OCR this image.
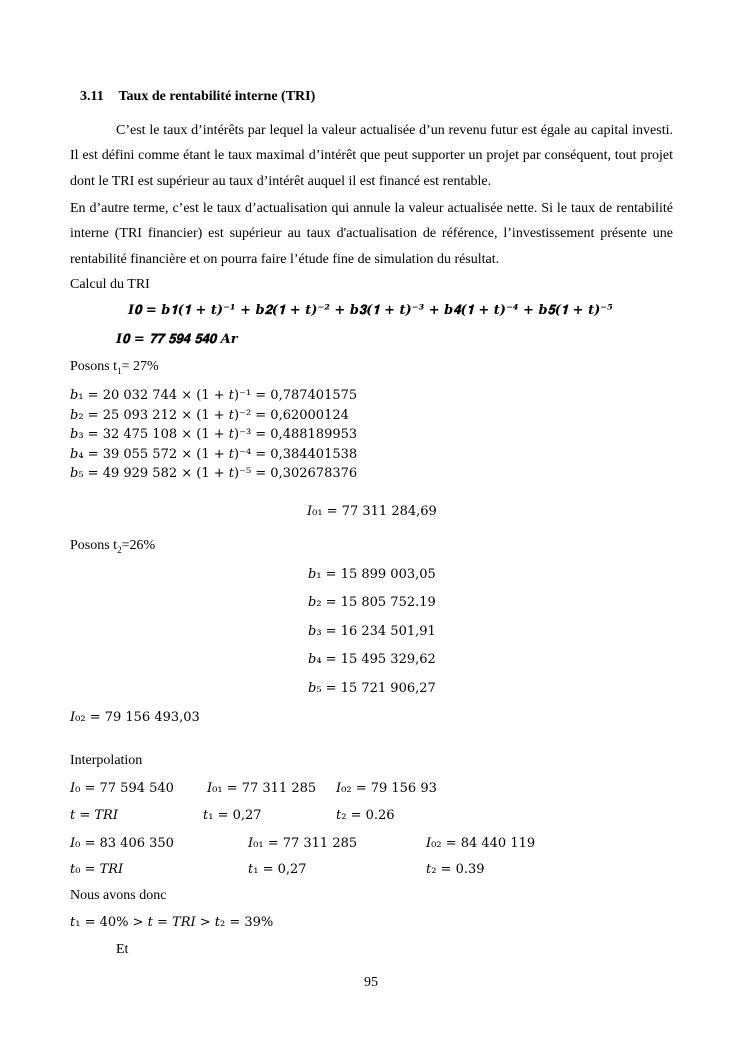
3.11 Taux de rentabilité interne (TRI)
C’est le taux d’intérêts par lequel la valeur actualisée d’un revenu futur est égale au capital investi. Il est défini comme étant le taux maximal d’intérêt que peut supporter un projet par conséquent, tout projet dont le TRI est supérieur au taux d’intérêt auquel il est financé est rentable.
En d’autre terme, c’est le taux d’actualisation qui annule la valeur actualisée nette. Si le taux de rentabilité interne (TRI financier) est supérieur au taux d'actualisation de référence, l’investissement présente une rentabilité financière et on pourra faire l’étude fine de simulation du résultat.
Calcul du TRI
𝑰𝟎 = 𝒃𝟏(𝟏 + 𝒕)⁻¹ + 𝒃𝟐(𝟏 + 𝒕)⁻² + 𝒃𝟑(𝟏 + 𝒕)⁻³ + 𝒃𝟒(𝟏 + 𝒕)⁻⁴ + 𝒃𝟓(𝟏 + 𝒕)⁻⁵
𝑰𝟎 = 𝟕𝟕 𝟓𝟗𝟒 𝟓𝟒𝟎 𝑨𝒓
Posons $t_1= 27\%$
𝑏₁ = 20 032 744 × (1 + 𝑡)⁻¹ = 0,787401575
𝑏₂ = 25 093 212 × (1 + 𝑡)⁻² = 0,62000124
𝑏₃ = 32 475 108 × (1 + 𝑡)⁻³ = 0,488189953
𝑏₄ = 39 055 572 × (1 + 𝑡)⁻⁴ = 0,384401538
𝑏₅ = 49 929 582 × (1 + 𝑡)⁻⁵ = 0,302678376
𝐼₀₁ = 77 311 284,69
Posons $t_2=26\%$
𝑏₁ = 15 899 003,05
𝑏₂ = 15 805 752.19
𝑏₃ = 16 234 501,91
𝑏₄ = 15 495 329,62
𝑏₅ = 15 721 906,27
𝐼₀₂ = 79 156 493,03
Interpolation
𝐼₀ = 77 594 540	𝐼₀₁ = 77 311 285 𝐼₀₂ = 79 156 93
𝑡 = 𝑇𝑅𝐼	𝑡₁ = 0,27	𝑡₂ = 0.26
𝐼₀ = 83 406 350	𝐼₀₁ = 77 311 285	𝐼₀₂ = 84 440 119
𝑡₀ = 𝑇𝑅𝐼	𝑡₁ = 0,27	𝑡₂ = 0.39
Nous avons donc
𝑡₁ = 40% > 𝑡 = 𝑇𝑅𝐼 > 𝑡₂ = 39%
Et
95
